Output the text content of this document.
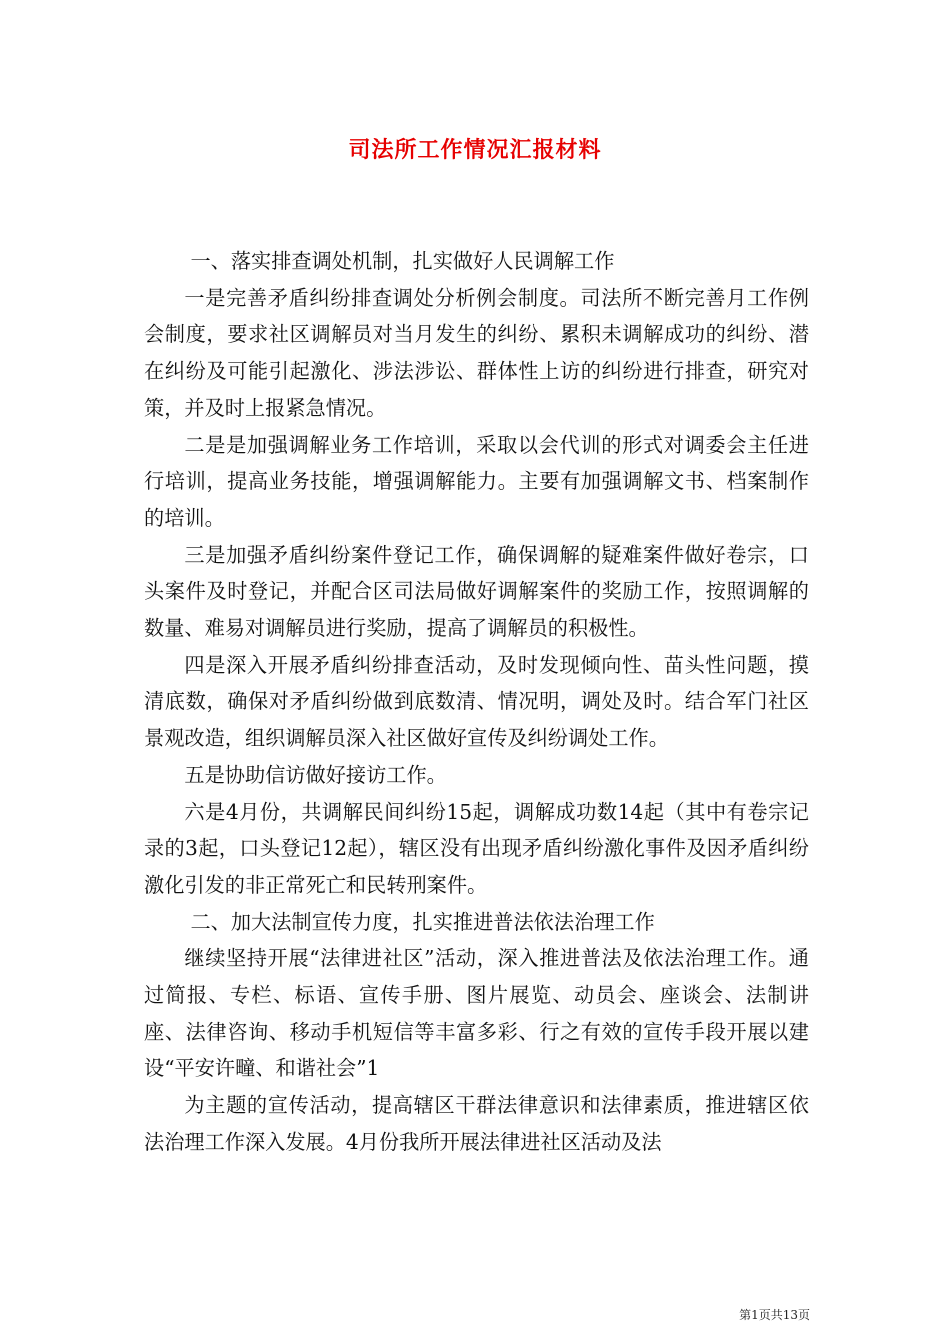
司法所工作情况汇报材料

一、落实排查调处机制，扎实做好人民调解工作

一是完善矛盾纠纷排查调处分析例会制度。司法所不断完善月工作例会制度，要求社区调解员对当月发生的纠纷、累积未调解成功的纠纷、潜在纠纷及可能引起激化、涉法涉讼、群体性上访的纠纷进行排查，研究对策，并及时上报紧急情况。

二是是加强调解业务工作培训，采取以会代训的形式对调委会主任进行培训，提高业务技能，增强调解能力。主要有加强调解文书、档案制作的培训。

三是加强矛盾纠纷案件登记工作，确保调解的疑难案件做好卷宗，口头案件及时登记，并配合区司法局做好调解案件的奖励工作，按照调解的数量、难易对调解员进行奖励，提高了调解员的积极性。

四是深入开展矛盾纠纷排查活动，及时发现倾向性、苗头性问题，摸清底数，确保对矛盾纠纷做到底数清、情况明，调处及时。结合军门社区景观改造，组织调解员深入社区做好宣传及纠纷调处工作。

五是协助信访做好接访工作。

六是4月份，共调解民间纠纷15起，调解成功数14起（其中有卷宗记录的3起，口头登记12起），辖区没有出现矛盾纠纷激化事件及因矛盾纠纷激化引发的非正常死亡和民转刑案件。

二、加大法制宣传力度，扎实推进普法依法治理工作

继续坚持开展“法律进社区”活动，深入推进普法及依法治理工作。通过简报、专栏、标语、宣传手册、图片展览、动员会、座谈会、法制讲座、法律咨询、移动手机短信等丰富多彩、行之有效的宣传手段开展以建设“平安许疃、和谐社会”1

为主题的宣传活动，提高辖区干群法律意识和法律素质，推进辖区依法治理工作深入发展。4月份我所开展法律进社区活动及法

第1页共13页
